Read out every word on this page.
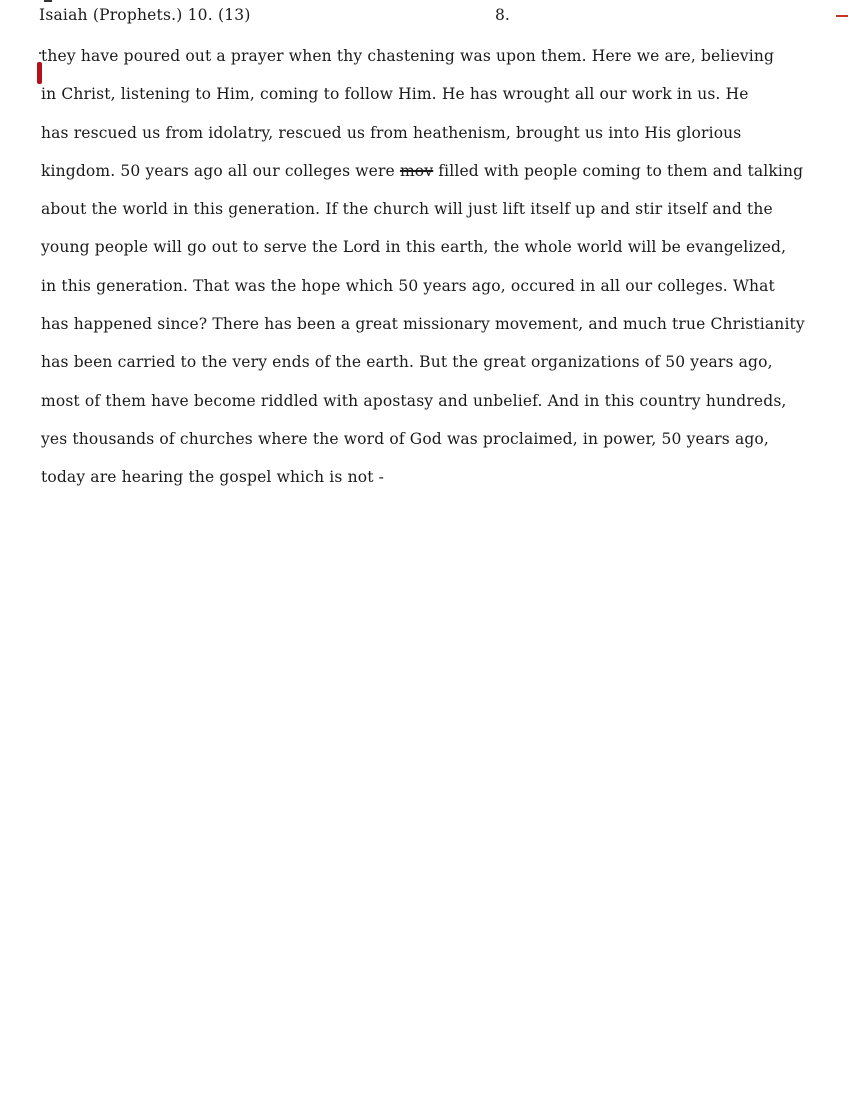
Isaiah (Prophets.) 10. (13)	8.
they have poured out a prayer when thy chastening was upon them. Here we are, believing
in Christ, listening to Him, coming to follow Him. He has wrought all our work in us. He
has rescued us from idolatry, rescued us from heathenism, brought us into His glorious
kingdom. 50 years ago all our colleges were mov filled with people coming to them and talking
about the world in this generation. If the church will just lift itself up and stir itself and the
young people will go out to serve the Lord in this earth, the whole world will be evangelized,
in this generation. That was the hope which 50 years ago, occured in all our colleges. What
has happened since? There has been a great missionary movement, and much true Christianity
has been carried to the very ends of the earth. But the great organizations of 50 years ago,
most of them have become riddled with apostasy and unbelief. And in this country hundreds,
yes thousands of churches where the word of God was proclaimed, in power, 50 years ago,
today are hearing the gospel which is not -
